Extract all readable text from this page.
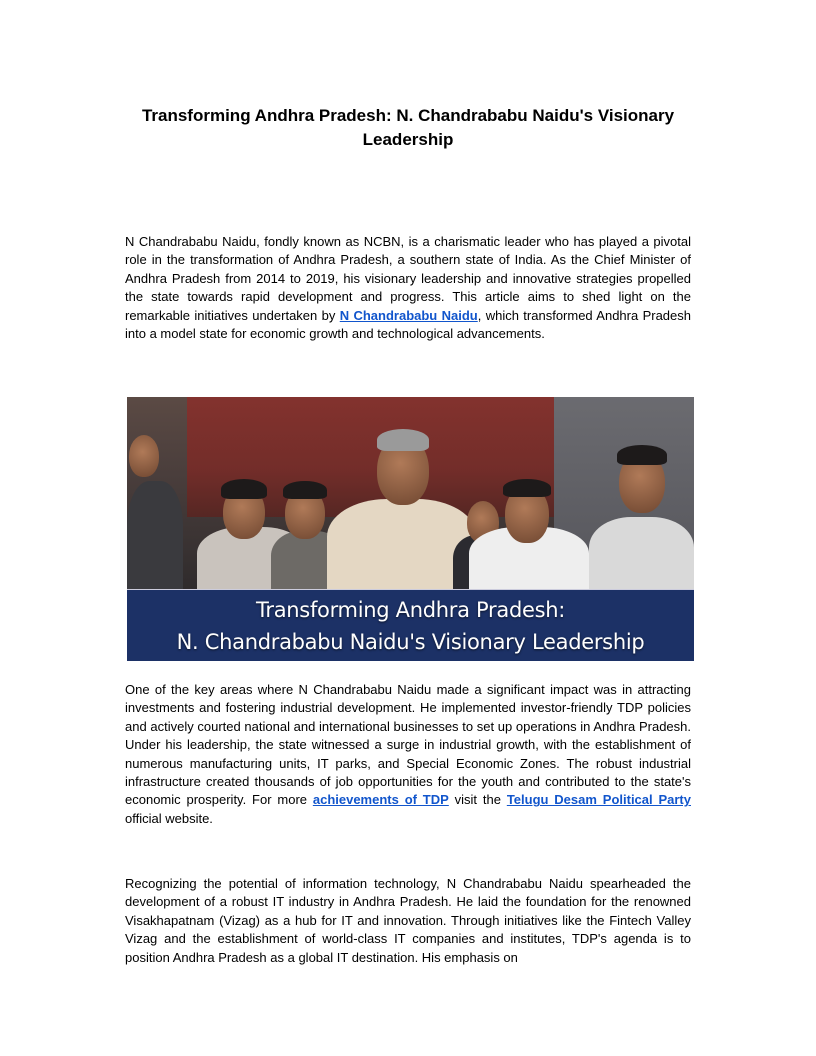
Transforming Andhra Pradesh: N. Chandrababu Naidu's Visionary Leadership
N Chandrababu Naidu, fondly known as NCBN, is a charismatic leader who has played a pivotal role in the transformation of Andhra Pradesh, a southern state of India. As the Chief Minister of Andhra Pradesh from 2014 to 2019, his visionary leadership and innovative strategies propelled the state towards rapid development and progress. This article aims to shed light on the remarkable initiatives undertaken by N Chandrababu Naidu, which transformed Andhra Pradesh into a model state for economic growth and technological advancements.
One of the key areas where N Chandrababu Naidu made a significant impact was in attracting investments and fostering industrial development. He implemented investor-friendly TDP policies and actively courted national and international businesses to set up operations in Andhra Pradesh. Under his leadership, the state witnessed a surge in industrial growth, with the establishment of numerous manufacturing units, IT parks, and Special Economic Zones. The robust industrial infrastructure created thousands of job opportunities for the youth and contributed to the state's economic prosperity. For more achievements of TDP visit the Telugu Desam Political Party official website.
Recognizing the potential of information technology, N Chandrababu Naidu spearheaded the development of a robust IT industry in Andhra Pradesh. He laid the foundation for the renowned Visakhapatnam (Vizag) as a hub for IT and innovation. Through initiatives like the Fintech Valley Vizag and the establishment of world-class IT companies and institutes, TDP's agenda is to position Andhra Pradesh as a global IT destination. His emphasis on
Transforming Andhra Pradesh:
N. Chandrababu Naidu's Visionary Leadership
